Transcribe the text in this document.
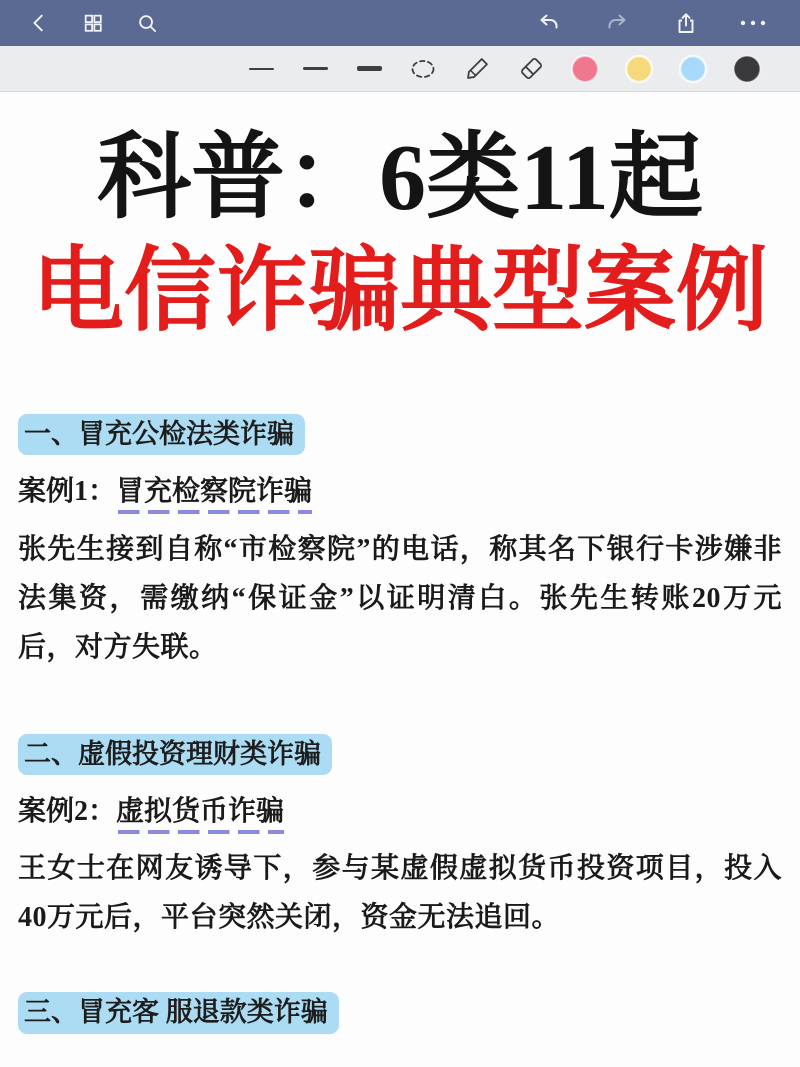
科普：6类11起
电信诈骗典型案例
一、冒充公检法类诈骗

案例1：冒充检察院诈骗

张先生接到自称“市检察院”的电话，称其名下银行卡涉嫌非法集资，需缴纳“保证金”以证明清白。张先生转账20万元后，对方失联。

二、虚假投资理财类诈骗

案例2：虚拟货币诈骗

王女士在网友诱导下，参与某虚假虚拟货币投资项目，投入40万元后，平台突然关闭，资金无法追回。

三、冒充客 服退款类诈骗
